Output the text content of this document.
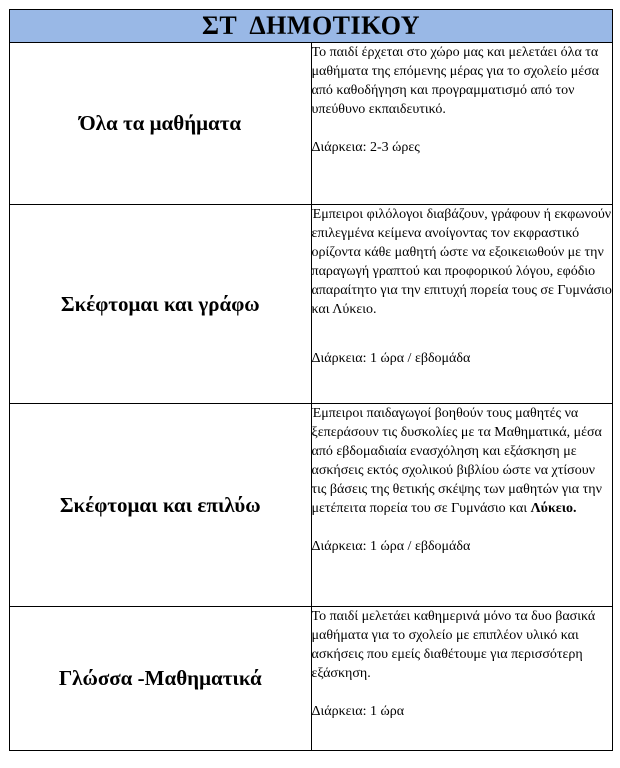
ΣΤ  ΔΗΜΟΤΙΚΟΥ	
Όλα τα μαθήματα	Το παιδί έρχεται στο χώρο μας και μελετάει όλα τα μαθήματα της επόμενης μέρας για το σχολείο μέσα από καθοδήγηση και προγραμματισμό από τον υπεύθυνο εκπαιδευτικό.

Διάρκεια: 2-3 ώρες

Σκέφτομαι και γράφω	Έμπειροι φιλόλογοι διαβάζουν, γράφουν ή εκφωνούν επιλεγμένα κείμενα ανοίγοντας τον εκφραστικό ορίζοντα κάθε μαθητή ώστε να εξοικειωθούν με την παραγωγή γραπτού και προφορικού λόγου, εφόδιο απαραίτητο για την επιτυχή πορεία τους σε Γυμνάσιο και Λύκειο.

Διάρκεια: 1 ώρα / εβδομάδα

Σκέφτομαι και επιλύω	Έμπειροι παιδαγωγοί βοηθούν τους μαθητές να ξεπεράσουν τις δυσκολίες με τα Μαθηματικά, μέσα από εβδομαδιαία ενασχόληση και εξάσκηση με ασκήσεις εκτός σχολικού βιβλίου ώστε να χτίσουν τις βάσεις της θετικής σκέψης των μαθητών για την μετέπειτα πορεία του σε Γυμνάσιο και Λύκειο.

Διάρκεια: 1 ώρα / εβδομάδα

Γλώσσα -Μαθηματικά	Το παιδί μελετάει καθημερινά μόνο τα δυο βασικά μαθήματα για το σχολείο με επιπλέον υλικό και ασκήσεις που εμείς διαθέτουμε για περισσότερη εξάσκηση.

Διάρκεια: 1 ώρα
